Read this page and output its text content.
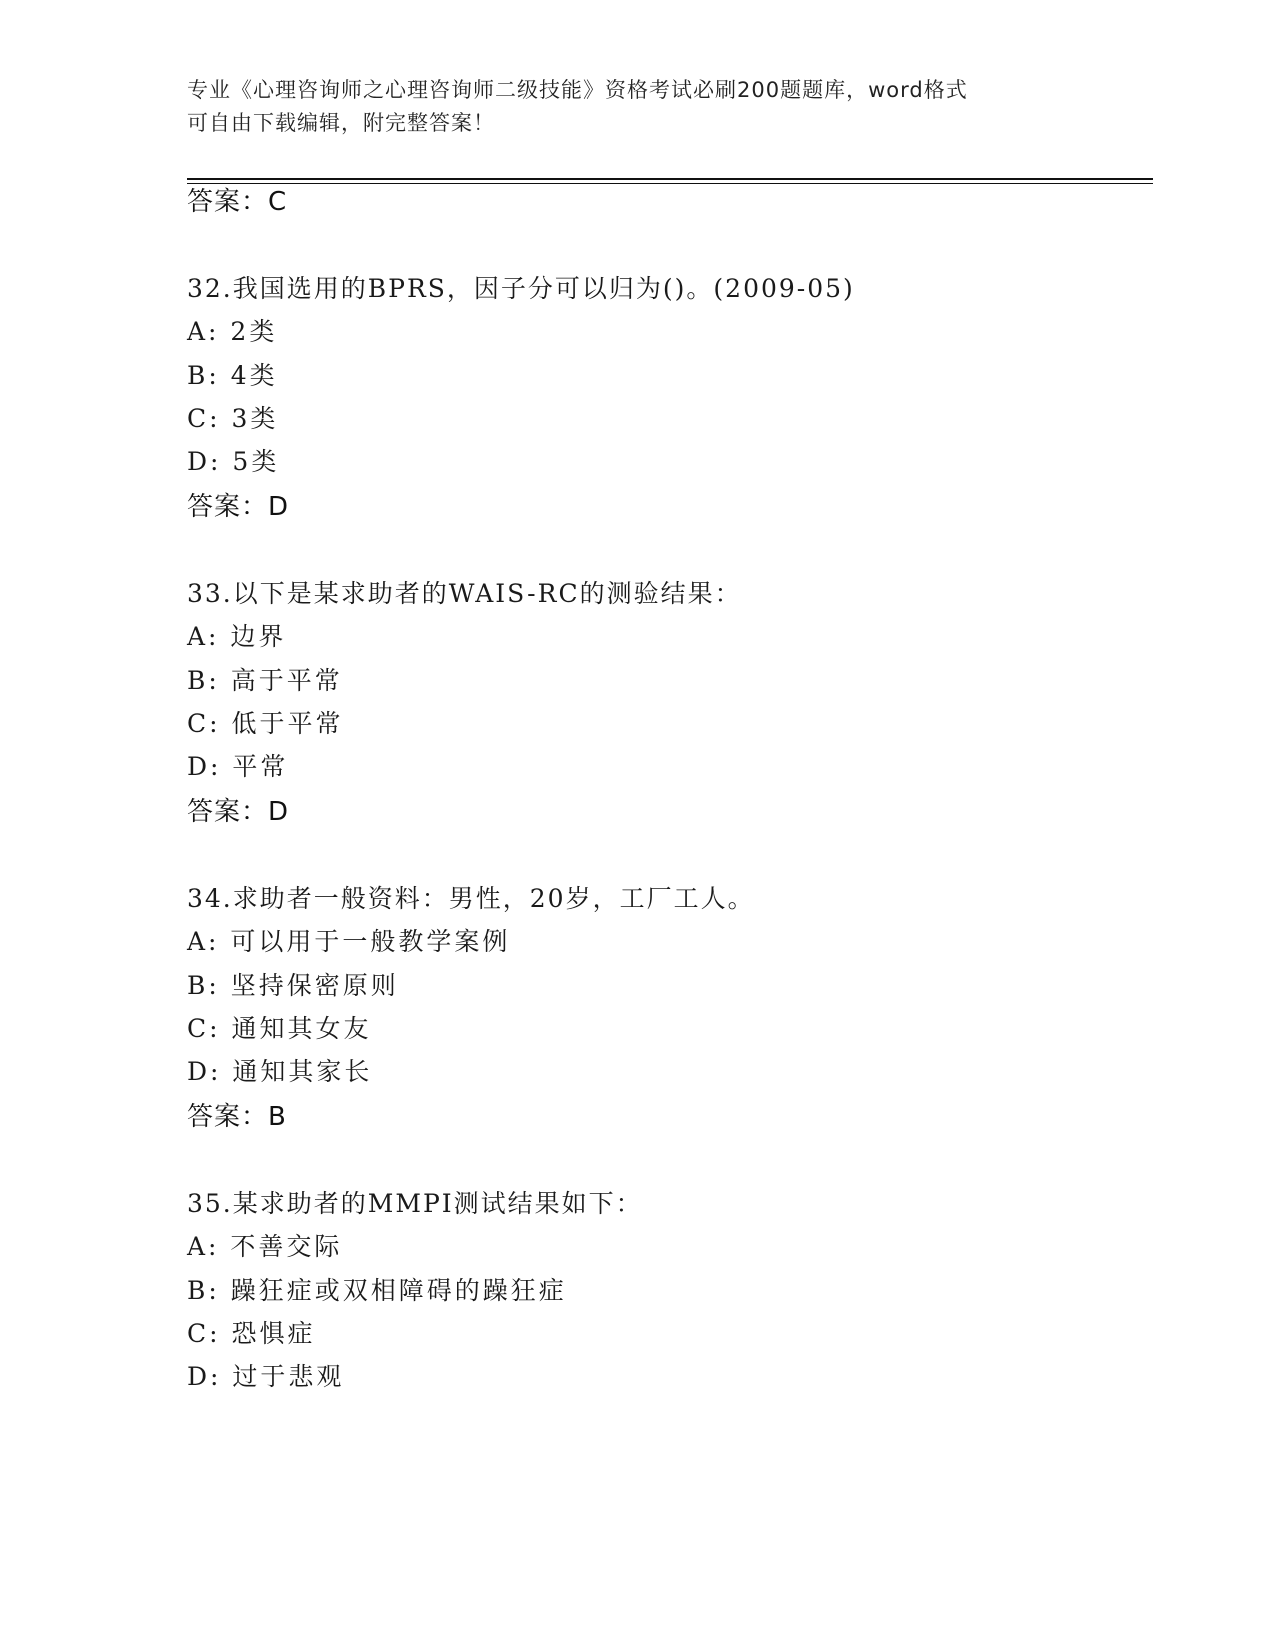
专业《心理咨询师之心理咨询师二级技能》资格考试必刷200题题库，word格式
可自由下载编辑，附完整答案！
答案：C
32.我国选用的BPRS，因子分可以归为()。(2009-05)
A: 2类
B: 4类
C: 3类
D: 5类
答案：D
33.以下是某求助者的WAIS-RC的测验结果：
A: 边界
B: 高于平常
C: 低于平常
D: 平常
答案：D
34.求助者一般资料：男性，20岁，工厂工人。
A: 可以用于一般教学案例
B: 坚持保密原则
C: 通知其女友
D: 通知其家长
答案：B
35.某求助者的MMPI测试结果如下：
A: 不善交际
B: 躁狂症或双相障碍的躁狂症
C: 恐惧症
D: 过于悲观
